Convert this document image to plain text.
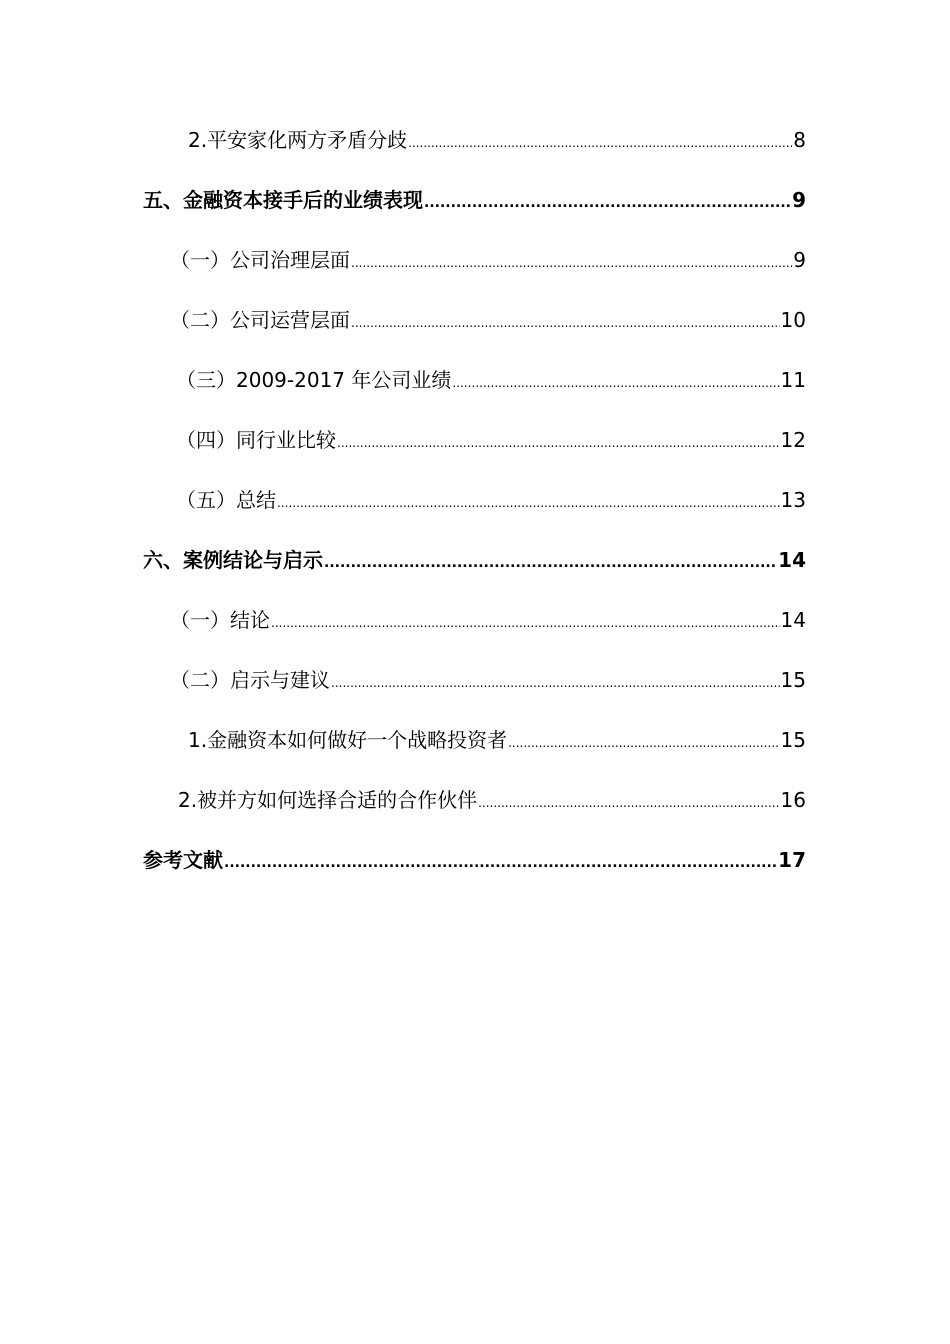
2.平安家化两方矛盾分歧 .....	8
五、金融资本接手后的业绩表现 .....	9
（一）公司治理层面 .....	9
（二）公司运营层面 .....	10
（三）2009-2017 年公司业绩 .....	11
（四）同行业比较 .....	12
（五）总结 .....	13
六、案例结论与启示 .....	14
（一）结论 .....	14
（二）启示与建议 .....	15
1.金融资本如何做好一个战略投资者 .....	15
2.被并方如何选择合适的合作伙伴 .....	16
参考文献 .....	17
